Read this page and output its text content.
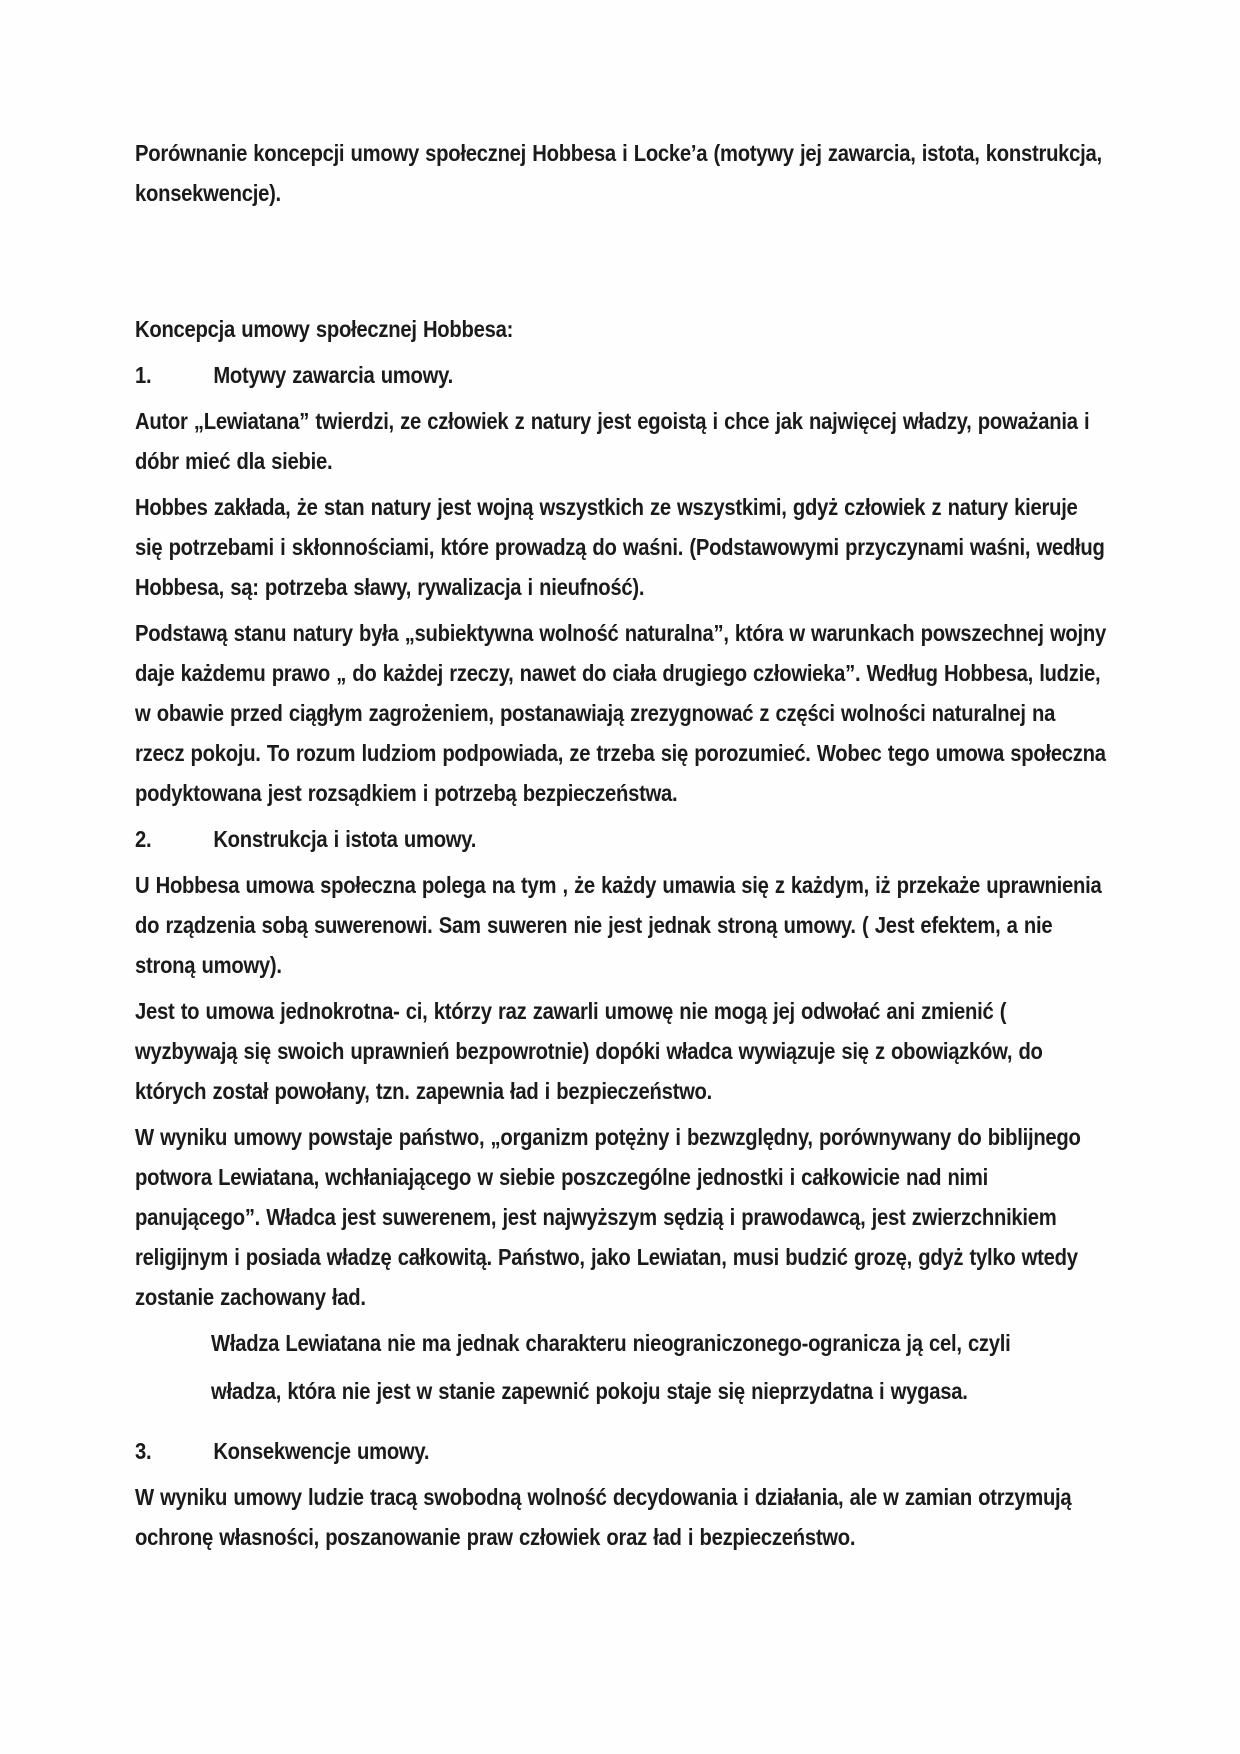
Porównanie koncepcji umowy społecznej Hobbesa i Locke’a (motywy jej zawarcia, istota, konstrukcja, konsekwencje).

Koncepcja umowy społecznej Hobbesa:

1.	Motywy zawarcia umowy.

Autor „Lewiatana” twierdzi, ze człowiek z natury jest egoistą i chce jak najwięcej władzy, poważania i dóbr mieć dla siebie.

Hobbes zakłada, że stan natury jest wojną wszystkich ze wszystkimi, gdyż człowiek z natury kieruje się potrzebami i skłonnościami, które prowadzą do waśni. (Podstawowymi przyczynami waśni, według Hobbesa, są: potrzeba sławy, rywalizacja i nieufność).

Podstawą stanu natury była „subiektywna wolność naturalna”, która w warunkach powszechnej wojny daje każdemu prawo „ do każdej rzeczy, nawet do ciała drugiego człowieka”. Według Hobbesa, ludzie, w obawie przed ciągłym zagrożeniem, postanawiają zrezygnować z części wolności naturalnej na rzecz pokoju. To rozum ludziom podpowiada, ze trzeba się porozumieć. Wobec tego umowa społeczna podyktowana jest rozsądkiem i potrzebą bezpieczeństwa.

2.	Konstrukcja i istota umowy.

U Hobbesa umowa społeczna polega na tym , że każdy umawia się z każdym, iż przekaże uprawnienia do rządzenia sobą suwerenowi. Sam suweren nie jest jednak stroną umowy. ( Jest efektem, a nie stroną umowy).

Jest to umowa jednokrotna- ci, którzy raz zawarli umowę nie mogą jej odwołać ani zmienić ( wyzbywają się swoich uprawnień bezpowrotnie) dopóki władca wywiązuje się z obowiązków, do których został powołany, tzn. zapewnia ład i bezpieczeństwo.

W wyniku umowy powstaje państwo, „organizm potężny i bezwzględny, porównywany do biblijnego potwora Lewiatana, wchłaniającego w siebie poszczególne jednostki i całkowicie nad nimi panującego”. Władca jest suwerenem, jest najwyższym sędzią i prawodawcą, jest zwierzchnikiem religijnym i posiada władzę całkowitą. Państwo, jako Lewiatan, musi budzić grozę, gdyż tylko wtedy zostanie zachowany ład.

Władza Lewiatana nie ma jednak charakteru nieograniczonego-ogranicza ją cel, czyli

władza, która nie jest w stanie zapewnić pokoju staje się nieprzydatna i wygasa.

3.	Konsekwencje umowy.

W wyniku umowy ludzie tracą swobodną wolność decydowania i działania, ale w zamian otrzymują ochronę własności, poszanowanie praw człowiek oraz ład i bezpieczeństwo.
